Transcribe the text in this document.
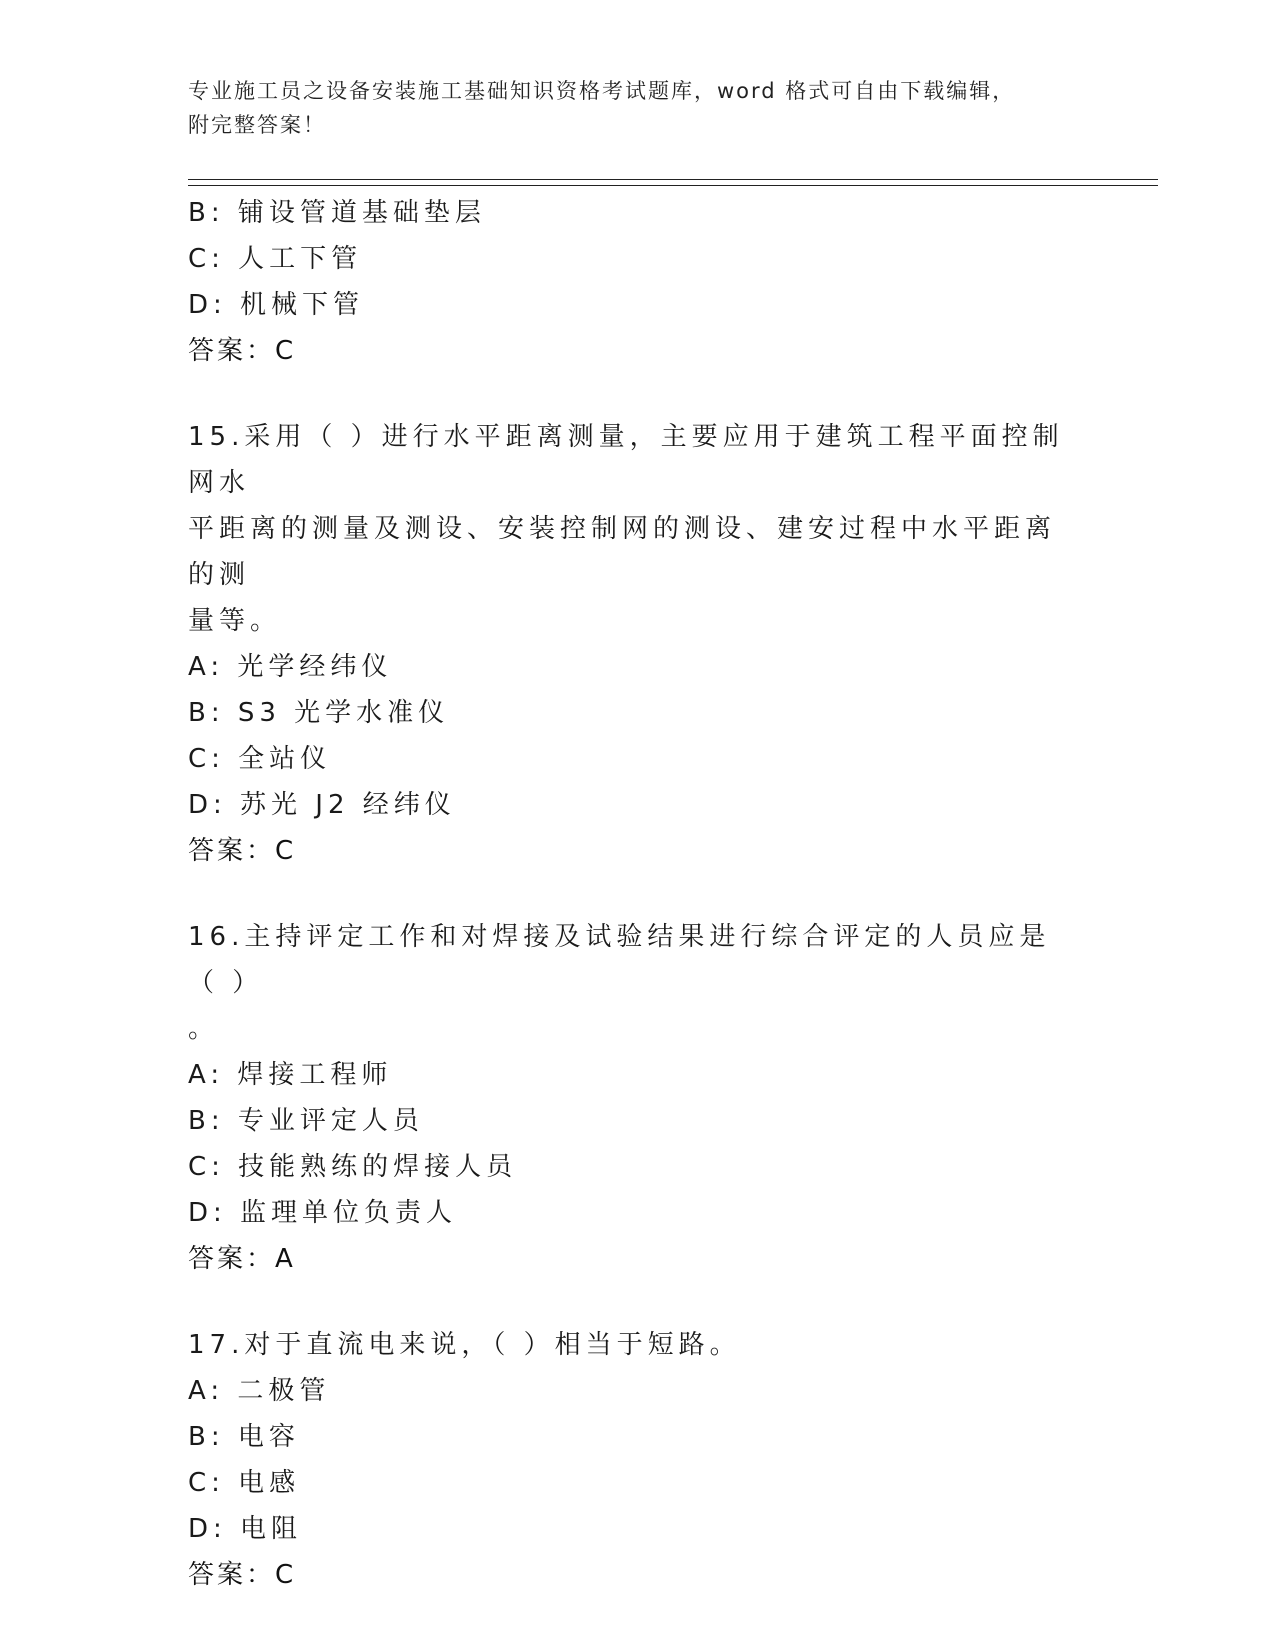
专业施工员之设备安装施工基础知识资格考试题库，word 格式可自由下载编辑，
附完整答案！
B: 铺设管道基础垫层
C: 人工下管
D: 机械下管
答案：C
15.采用（ ）进行水平距离测量，主要应用于建筑工程平面控制网水
平距离的测量及测设、安装控制网的测设、建安过程中水平距离的测
量等。
A: 光学经纬仪
B: S3 光学水准仪
C: 全站仪
D: 苏光 J2 经纬仪
答案：C
16.主持评定工作和对焊接及试验结果进行综合评定的人员应是（ ）
。
A: 焊接工程师
B: 专业评定人员
C: 技能熟练的焊接人员
D: 监理单位负责人
答案：A
17.对于直流电来说，（ ）相当于短路。
A: 二极管
B: 电容
C: 电感
D: 电阻
答案：C
